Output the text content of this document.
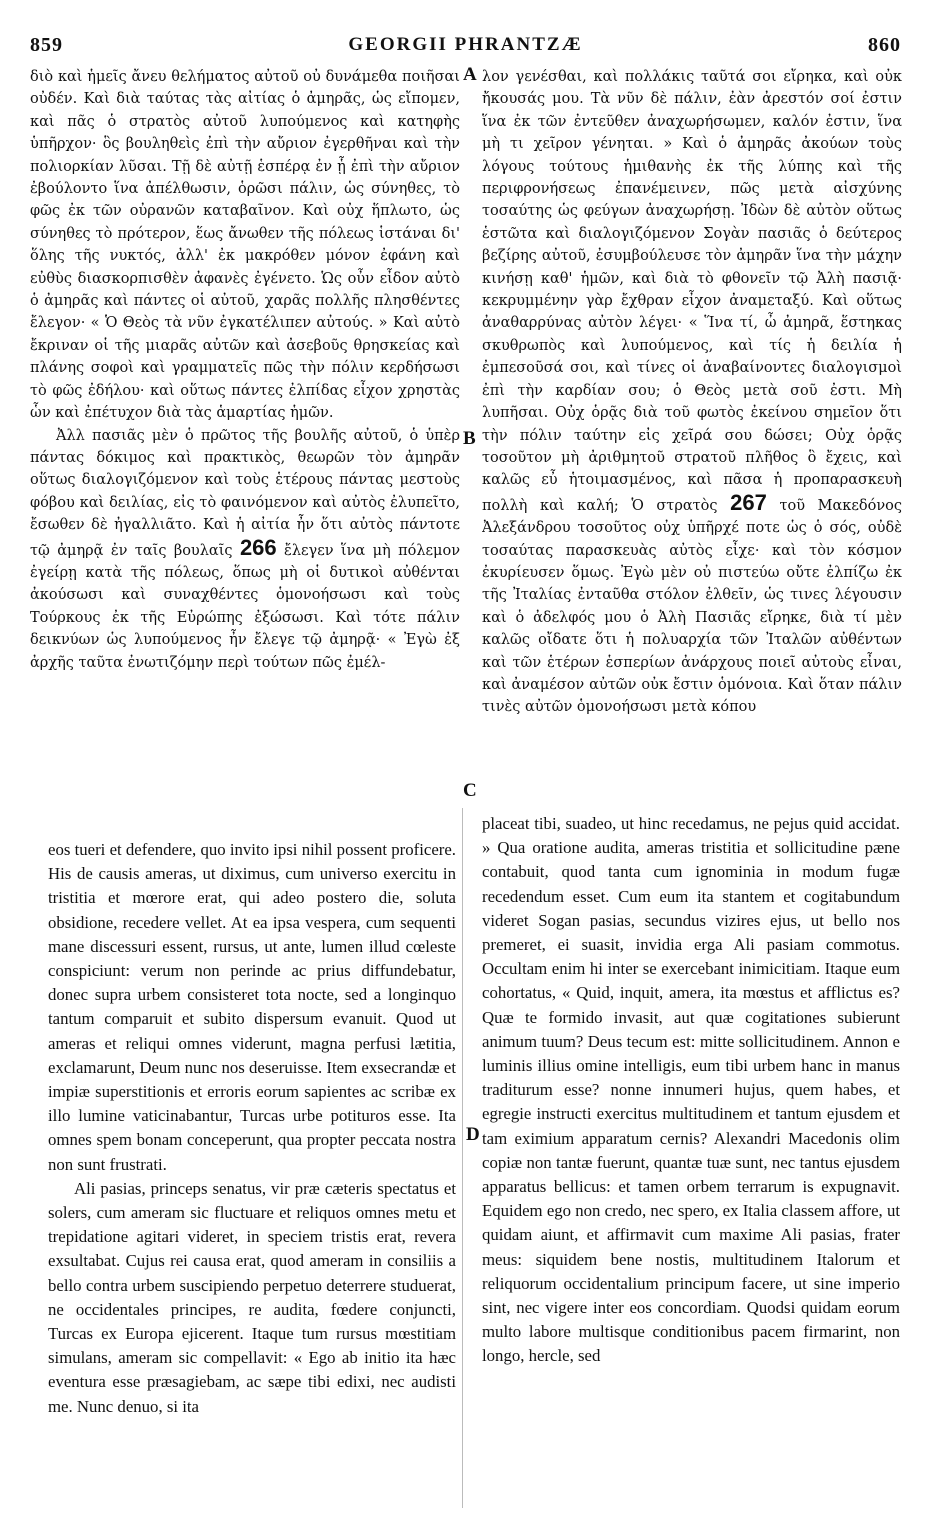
859	GEORGII PHRANTZÆ	860

διὸ καὶ ἡμεῖς ἄνευ θελήματος αὐτοῦ οὐ δυνάμεθα ποιῆσαι οὐδέν. Καὶ διὰ ταύτας τὰς αἰτίας ὁ ἀμηρᾶς, ὡς εἴπομεν, καὶ πᾶς ὁ στρατὸς αὐτοῦ λυπούμενος καὶ κατηφὴς ὑπῆρχον· ὃς βουληθεὶς ἐπὶ τὴν αὔριον ἐγερθῆναι καὶ τὴν πολιορκίαν λῦσαι. Τῇ δὲ αὐτῇ ἑσπέρᾳ ἐν ᾗ ἐπὶ τὴν αὔριον ἐβούλοντο ἵνα ἀπέλθωσιν, ὁρῶσι πάλιν, ὡς σύνηθες, τὸ φῶς ἐκ τῶν οὐρανῶν καταβαῖνον. Καὶ οὐχ ἥπλωτο, ὡς σύνηθες τὸ πρότερον, ἕως ἄνωθεν τῆς πόλεως ἱστάναι δι' ὅλης τῆς νυκτός, ἀλλ' ἐκ μακρόθεν μόνον ἐφάνη καὶ εὐθὺς διασκορπισθὲν ἀφανὲς ἐγένετο. Ὡς οὖν εἶδον αὐτὸ ὁ ἀμηρᾶς καὶ πάντες οἱ αὐτοῦ, χαρᾶς πολλῆς πλησθέντες ἔλεγον· « Ὁ Θεὸς τὰ νῦν ἐγκατέλιπεν αὐτούς. » Καὶ αὐτὸ ἔκριναν οἱ τῆς μιαρᾶς αὐτῶν καὶ ἀσεβοῦς θρησκείας καὶ πλάνης σοφοὶ καὶ γραμματεῖς πῶς τὴν πόλιν κερδήσωσι τὸ φῶς ἐδήλου· καὶ οὕτως πάντες ἐλπίδας εἶχον χρηστὰς ὧν καὶ ἐπέτυχον διὰ τὰς ἁμαρτίας ἡμῶν.

Ἀλλ πασιᾶς μὲν ὁ πρῶτος τῆς βουλῆς αὐτοῦ, ὁ ὑπὲρ πάντας δόκιμος καὶ πρακτικὸς, θεωρῶν τὸν ἀμηρᾶν οὕτως διαλογιζόμενον καὶ τοὺς ἑτέρους πάντας μεστοὺς φόβου καὶ δειλίας, εἰς τὸ φαινόμενον καὶ αὐτὸς ἐλυπεῖτο, ἔσωθεν δὲ ἠγαλλιᾶτο. Καὶ ἡ αἰτία ἦν ὅτι αὐτὸς πάντοτε τῷ ἀμηρᾷ ἐν ταῖς βουλαῖς 266 ἔλεγεν ἵνα μὴ πόλεμον ἐγείρῃ κατὰ τῆς πόλεως, ὅπως μὴ οἱ δυτικοὶ αὐθένται ἀκούσωσι καὶ συναχθέντες ὁμονοήσωσι καὶ τοὺς Τούρκους ἐκ τῆς Εὐρώπης ἐξώσωσι. Καὶ τότε πάλιν δεικνύων ὡς λυπούμενος ἦν ἔλεγε τῷ ἀμηρᾷ· « Ἐγὼ ἐξ ἀρχῆς ταῦτα ἐνωτιζόμην περὶ τούτων πῶς ἐμέλ-

λον γενέσθαι, καὶ πολλάκις ταῦτά σοι εἴρηκα, καὶ οὐκ ἤκουσάς μου. Τὰ νῦν δὲ πάλιν, ἐὰν ἀρεστόν σοί ἐστιν ἵνα ἐκ τῶν ἐντεῦθεν ἀναχωρήσωμεν, καλόν ἐστιν, ἵνα μὴ τι χεῖρον γένηται. » Καὶ ὁ ἀμηρᾶς ἀκούων τοὺς λόγους τούτους ἡμιθανὴς ἐκ τῆς λύπης καὶ τῆς περιφρονήσεως ἐπανέμεινεν, πῶς μετὰ αἰσχύνης τοσαύτης ὡς φεύγων ἀναχωρήσῃ. Ἰδὼν δὲ αὐτὸν οὕτως ἑστῶτα καὶ διαλογιζόμενον Σογὰν πασιᾶς ὁ δεύτερος βεζίρης αὐτοῦ, ἐσυμβούλευσε τὸν ἀμηρᾶν ἵνα τὴν μάχην κινήσῃ καθ' ἡμῶν, καὶ διὰ τὸ φθονεῖν τῷ Ἀλὴ πασιᾷ· κεκρυμμένην γὰρ ἔχθραν εἶχον ἀναμεταξύ. Καὶ οὕτως ἀναθαρρύνας αὐτὸν λέγει· « Ἵνα τί, ὦ ἀμηρᾶ, ἕστηκας σκυθρωπὸς καὶ λυπούμενος, καὶ τίς ἡ δειλία ἡ ἐμπεσοῦσά σοι, καὶ τίνες οἱ ἀναβαίνοντες διαλογισμοὶ ἐπὶ τὴν καρδίαν σου; ὁ Θεὸς μετὰ σοῦ ἐστι. Μὴ λυπῆσαι. Οὐχ ὁρᾷς διὰ τοῦ φωτὸς ἐκείνου σημεῖον ὅτι τὴν πόλιν ταύτην εἰς χεῖρά σου δώσει; Οὐχ ὁρᾷς τοσοῦτον μὴ ἀριθμητοῦ στρατοῦ πλῆθος ὃ ἔχεις, καὶ καλῶς εὖ ἡτοιμασμένος, καὶ πᾶσα ἡ προπαρασκευὴ πολλὴ καὶ καλή; Ὁ στρατὸς 267 τοῦ Μακεδόνος Ἀλεξάνδρου τοσοῦτος οὐχ ὑπῆρχέ ποτε ὡς ὁ σός, οὐδὲ τοσαύτας παρασκευὰς αὐτὸς εἶχε· καὶ τὸν κόσμον ἐκυρίευσεν ὅμως. Ἐγὼ μὲν οὐ πιστεύω οὔτε ἐλπίζω ἐκ τῆς Ἰταλίας ἐνταῦθα στόλον ἐλθεῖν, ὡς τινες λέγουσιν καὶ ὁ ἀδελφός μου ὁ Ἀλὴ Πασιᾶς εἴρηκε, διὰ τί μὲν καλῶς οἴδατε ὅτι ἡ πολυαρχία τῶν Ἰταλῶν αὐθέντων καὶ τῶν ἑτέρων ἑσπερίων ἀνάρχους ποιεῖ αὐτοὺς εἶναι, καὶ ἀναμέσον αὐτῶν οὐκ ἔστιν ὁμόνοια. Καὶ ὅταν πάλιν τινὲς αὐτῶν ὁμονοήσωσι μετὰ κόπου

A
B
C
D

eos tueri et defendere, quo invito ipsi nihil possent proficere. His de causis ameras, ut diximus, cum universo exercitu in tristitia et mœrore erat, qui adeo postero die, soluta obsidione, recedere vellet. At ea ipsa vespera, cum sequenti mane discessuri essent, rursus, ut ante, lumen illud cœleste conspiciunt: verum non perinde ac prius diffundebatur, donec supra urbem consisteret tota nocte, sed a longinquo tantum comparuit et subito dispersum evanuit. Quod ut ameras et reliqui omnes viderunt, magna perfusi lætitia, exclamarunt, Deum nunc nos deseruisse. Item exsecrandæ et impiæ superstitionis et erroris eorum sapientes ac scribæ ex illo lumine vaticinabantur, Turcas urbe potituros esse. Ita omnes spem bonam conceperunt, qua propter peccata nostra non sunt frustrati.

Ali pasias, princeps senatus, vir præ cæteris spectatus et solers, cum ameram sic fluctuare et reliquos omnes metu et trepidatione agitari videret, in speciem tristis erat, revera exsultabat. Cujus rei causa erat, quod ameram in consiliis a bello contra urbem suscipiendo perpetuo deterrere studuerat, ne occidentales principes, re audita, fœdere conjuncti, Turcas ex Europa ejicerent. Itaque tum rursus mœstitiam simulans, ameram sic compellavit: « Ego ab initio ita hæc eventura esse præsagiebam, ac sæpe tibi edixi, nec audisti me. Nunc denuo, si ita

placeat tibi, suadeo, ut hinc recedamus, ne pejus quid accidat. » Qua oratione audita, ameras tristitia et sollicitudine pæne contabuit, quod tanta cum ignominia in modum fugæ recedendum esset. Cum eum ita stantem et cogitabundum videret Sogan pasias, secundus vizires ejus, ut bello nos premeret, ei suasit, invidia erga Ali pasiam commotus. Occultam enim hi inter se exercebant inimicitiam. Itaque eum cohortatus, « Quid, inquit, amera, ita mœstus et afflictus es? Quæ te formido invasit, aut quæ cogitationes subierunt animum tuum? Deus tecum est: mitte sollicitudinem. Annon e luminis illius omine intelligis, eum tibi urbem hanc in manus traditurum esse? nonne innumeri hujus, quem habes, et egregie instructi exercitus multitudinem et tantum ejusdem et tam eximium apparatum cernis? Alexandri Macedonis olim copiæ non tantæ fuerunt, quantæ tuæ sunt, nec tantus ejusdem apparatus bellicus: et tamen orbem terrarum is expugnavit. Equidem ego non credo, nec spero, ex Italia classem affore, ut quidam aiunt, et affirmavit cum maxime Ali pasias, frater meus: siquidem bene nostis, multitudinem Italorum et reliquorum occidentalium principum facere, ut sine imperio sint, nec vigere inter eos concordiam. Quodsi quidam eorum multo labore multisque conditionibus pacem firmarint, non longo, hercle, sed
